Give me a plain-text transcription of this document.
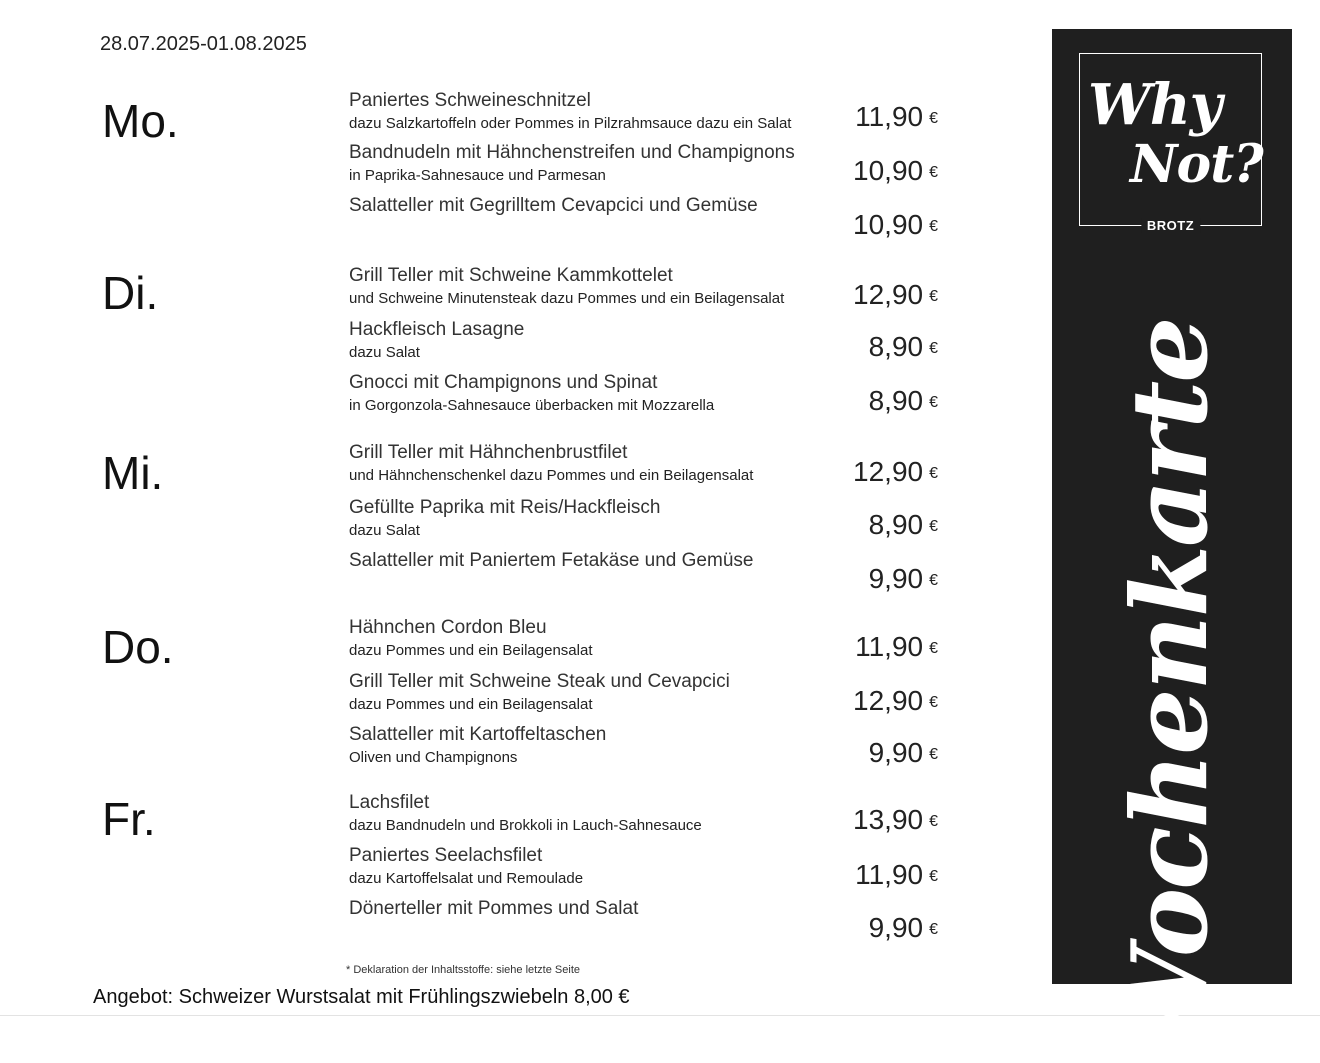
28.07.2025-01.08.2025
Mo.	Paniertes Schweineschnitzel
dazu Salzkartoffeln oder Pommes in Pilzrahmsauce dazu ein Salat	11,90 €
Bandnudeln mit Hähnchenstreifen und Champignons
in Paprika-Sahnesauce und Parmesan	10,90 €
Salatteller mit Gegrilltem Cevapcici und Gemüse
10,90 €
Di.	Grill Teller mit Schweine Kammkottelet
und Schweine Minutensteak dazu Pommes und ein Beilagensalat	12,90 €
Hackfleisch Lasagne
dazu Salat	8,90 €
Gnocci mit Champignons und Spinat
in Gorgonzola-Sahnesauce überbacken mit Mozzarella	8,90 €
Mi.	Grill Teller mit Hähnchenbrustfilet
und Hähnchenschenkel dazu Pommes und ein Beilagensalat	12,90 €
Gefüllte Paprika mit Reis/Hackfleisch
dazu Salat	8,90 €
Salatteller mit Paniertem Fetakäse und Gemüse
9,90 €
Do.	Hähnchen Cordon Bleu
dazu Pommes und ein Beilagensalat	11,90 €
Grill Teller mit Schweine Steak und Cevapcici
dazu Pommes und ein Beilagensalat	12,90 €
Salatteller mit Kartoffeltaschen
Oliven und Champignons	9,90 €
Fr.	Lachsfilet
dazu Bandnudeln und Brokkoli in Lauch-Sahnesauce	13,90 €
Paniertes Seelachsfilet
dazu Kartoffelsalat und Remoulade	11,90 €
Dönerteller mit Pommes und Salat
9,90 €
* Deklaration der Inhaltsstoffe: siehe letzte Seite
Angebot: Schweizer Wurstsalat mit Frühlingszwiebeln 8,00 €
Why
Not?
BROTZ
Wochenkarte
